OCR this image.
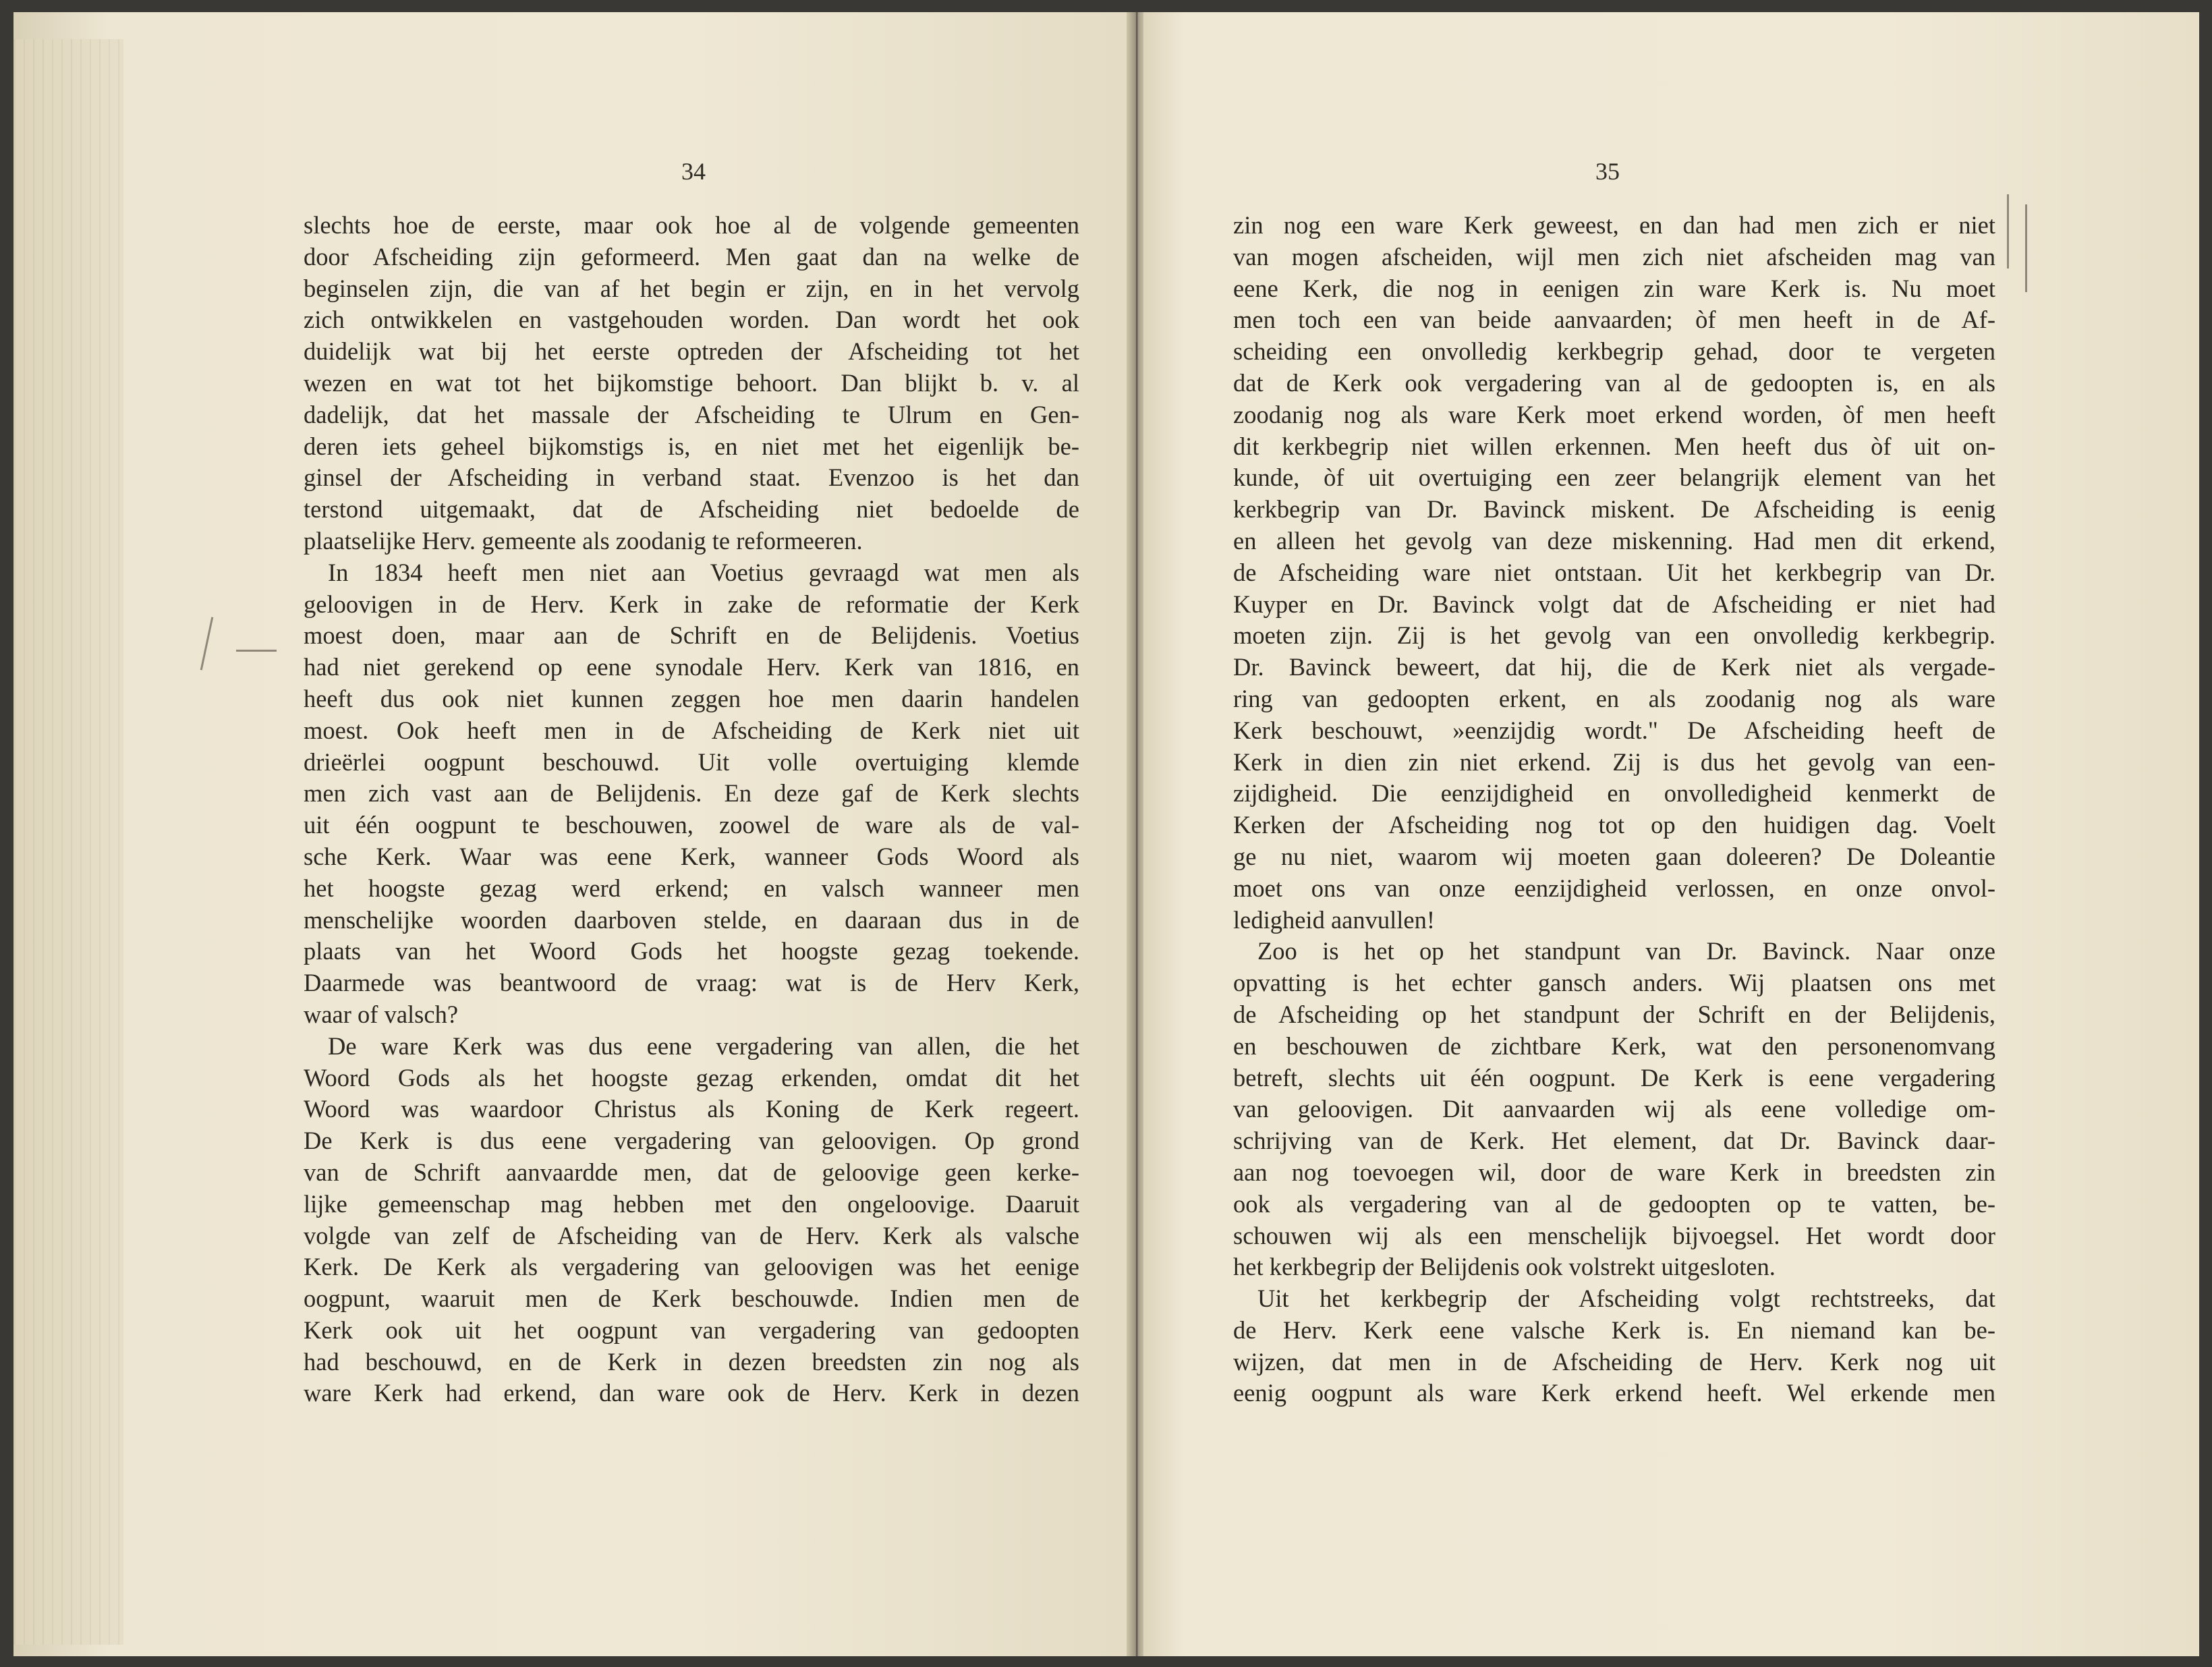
34
slechts hoe de eerste, maar ook hoe al de volgende gemeenten
door Afscheiding zijn geformeerd. Men gaat dan na welke de
beginselen zijn, die van af het begin er zijn, en in het vervolg
zich ontwikkelen en vastgehouden worden. Dan wordt het ook
duidelijk wat bij het eerste optreden der Afscheiding tot het
wezen en wat tot het bijkomstige behoort. Dan blijkt b. v. al
dadelijk, dat het massale der Afscheiding te Ulrum en Gen-
deren iets geheel bijkomstigs is, en niet met het eigenlijk be-
ginsel der Afscheiding in verband staat. Evenzoo is het dan
terstond uitgemaakt, dat de Afscheiding niet bedoelde de
plaatselijke Herv. gemeente als zoodanig te reformeeren.
In 1834 heeft men niet aan Voetius gevraagd wat men als
geloovigen in de Herv. Kerk in zake de reformatie der Kerk
moest doen, maar aan de Schrift en de Belijdenis. Voetius
had niet gerekend op eene synodale Herv. Kerk van 1816, en
heeft dus ook niet kunnen zeggen hoe men daarin handelen
moest. Ook heeft men in de Afscheiding de Kerk niet uit
drieërlei oogpunt beschouwd. Uit volle overtuiging klemde
men zich vast aan de Belijdenis. En deze gaf de Kerk slechts
uit één oogpunt te beschouwen, zoowel de ware als de val-
sche Kerk. Waar was eene Kerk, wanneer Gods Woord als
het hoogste gezag werd erkend; en valsch wanneer men
menschelijke woorden daarboven stelde, en daaraan dus in de
plaats van het Woord Gods het hoogste gezag toekende.
Daarmede was beantwoord de vraag: wat is de Herv Kerk,
waar of valsch?
De ware Kerk was dus eene vergadering van allen, die het
Woord Gods als het hoogste gezag erkenden, omdat dit het
Woord was waardoor Christus als Koning de Kerk regeert.
De Kerk is dus eene vergadering van geloovigen. Op grond
van de Schrift aanvaardde men, dat de geloovige geen kerke-
lijke gemeenschap mag hebben met den ongeloovige. Daaruit
volgde van zelf de Afscheiding van de Herv. Kerk als valsche
Kerk. De Kerk als vergadering van geloovigen was het eenige
oogpunt, waaruit men de Kerk beschouwde. Indien men de
Kerk ook uit het oogpunt van vergadering van gedoopten
had beschouwd, en de Kerk in dezen breedsten zin nog als
ware Kerk had erkend, dan ware ook de Herv. Kerk in dezen
35
zin nog een ware Kerk geweest, en dan had men zich er niet
van mogen afscheiden, wijl men zich niet afscheiden mag van
eene Kerk, die nog in eenigen zin ware Kerk is. Nu moet
men toch een van beide aanvaarden; òf men heeft in de Af-
scheiding een onvolledig kerkbegrip gehad, door te vergeten
dat de Kerk ook vergadering van al de gedoopten is, en als
zoodanig nog als ware Kerk moet erkend worden, òf men heeft
dit kerkbegrip niet willen erkennen. Men heeft dus òf uit on-
kunde, òf uit overtuiging een zeer belangrijk element van het
kerkbegrip van Dr. Bavinck miskent. De Afscheiding is eenig
en alleen het gevolg van deze miskenning. Had men dit erkend,
de Afscheiding ware niet ontstaan. Uit het kerkbegrip van Dr.
Kuyper en Dr. Bavinck volgt dat de Afscheiding er niet had
moeten zijn. Zij is het gevolg van een onvolledig kerkbegrip.
Dr. Bavinck beweert, dat hij, die de Kerk niet als vergade-
ring van gedoopten erkent, en als zoodanig nog als ware
Kerk beschouwt, »eenzijdig wordt." De Afscheiding heeft de
Kerk in dien zin niet erkend. Zij is dus het gevolg van een-
zijdigheid. Die eenzijdigheid en onvolledigheid kenmerkt de
Kerken der Afscheiding nog tot op den huidigen dag. Voelt
ge nu niet, waarom wij moeten gaan doleeren? De Doleantie
moet ons van onze eenzijdigheid verlossen, en onze onvol-
ledigheid aanvullen!
Zoo is het op het standpunt van Dr. Bavinck. Naar onze
opvatting is het echter gansch anders. Wij plaatsen ons met
de Afscheiding op het standpunt der Schrift en der Belijdenis,
en beschouwen de zichtbare Kerk, wat den personenomvang
betreft, slechts uit één oogpunt. De Kerk is eene vergadering
van geloovigen. Dit aanvaarden wij als eene volledige om-
schrijving van de Kerk. Het element, dat Dr. Bavinck daar-
aan nog toevoegen wil, door de ware Kerk in breedsten zin
ook als vergadering van al de gedoopten op te vatten, be-
schouwen wij als een menschelijk bijvoegsel. Het wordt door
het kerkbegrip der Belijdenis ook volstrekt uitgesloten.
Uit het kerkbegrip der Afscheiding volgt rechtstreeks, dat
de Herv. Kerk eene valsche Kerk is. En niemand kan be-
wijzen, dat men in de Afscheiding de Herv. Kerk nog uit
eenig oogpunt als ware Kerk erkend heeft. Wel erkende men
